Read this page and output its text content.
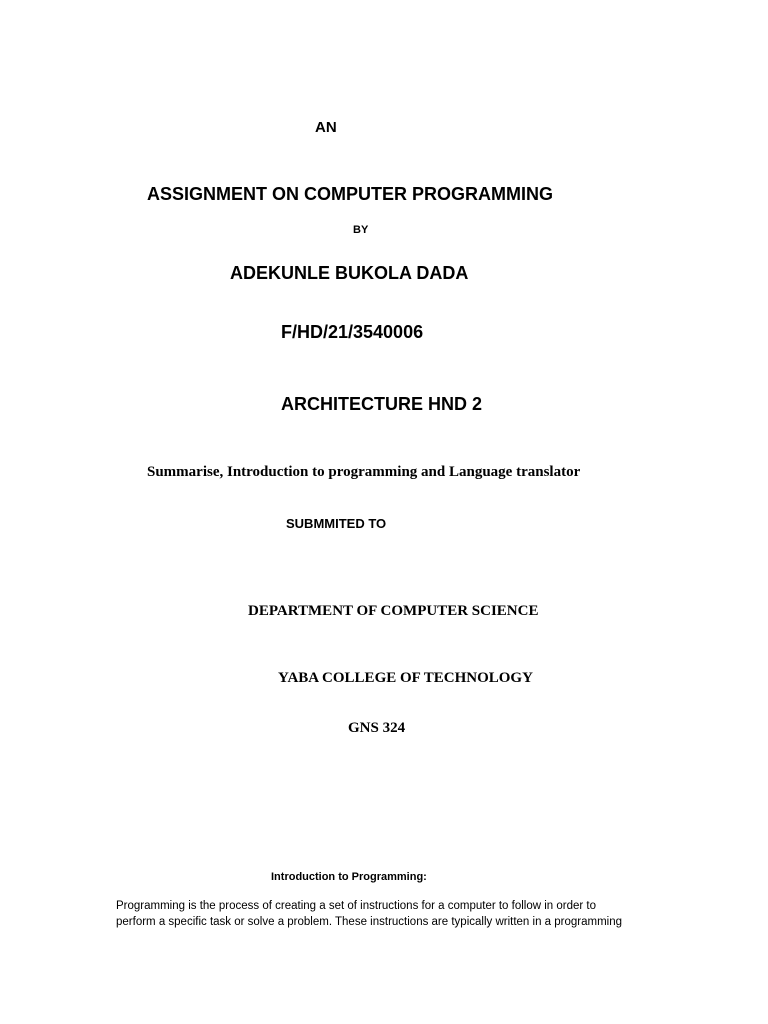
AN
ASSIGNMENT ON COMPUTER PROGRAMMING
BY
ADEKUNLE BUKOLA DADA
F/HD/21/3540006
ARCHITECTURE HND 2
Summarise, Introduction to programming and Language translator
SUBMMITED TO
DEPARTMENT OF COMPUTER SCIENCE
YABA COLLEGE OF TECHNOLOGY
GNS 324
Introduction to Programming:
Programming is the process of creating a set of instructions for a computer to follow in order to
perform a specific task or solve a problem. These instructions are typically written in a programming
